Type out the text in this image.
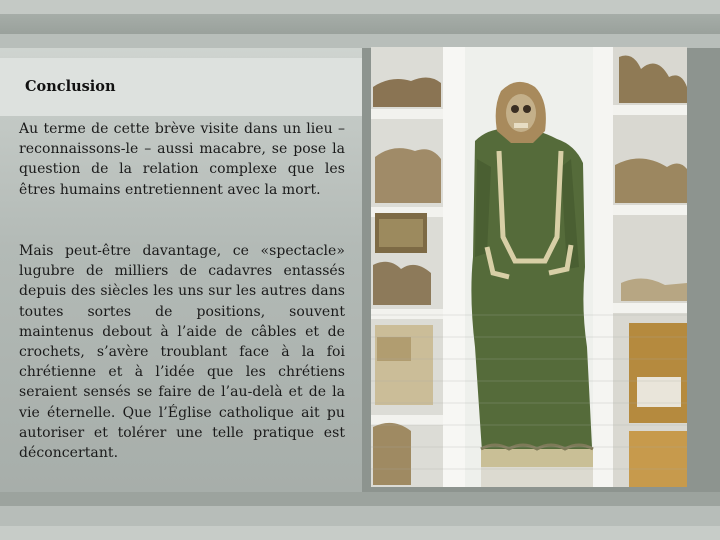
Conclusion

Au terme de cette brève visite dans un lieu – reconnaissons-le – aussi macabre, se pose la question de la relation complexe que les êtres humains entretiennent avec la mort.

Mais peut-être davantage, ce «spectacle» lugubre de milliers de cadavres entassés depuis des siècles les uns sur les autres dans toutes sortes de positions, souvent maintenus debout à l’aide de câbles et de crochets, s’avère troublant face à la foi chrétienne et à l’idée que les chrétiens seraient sensés se faire de l’au-delà et de la vie éternelle. Que l’Église catholique ait pu autoriser et tolérer une telle pratique est déconcertant.
